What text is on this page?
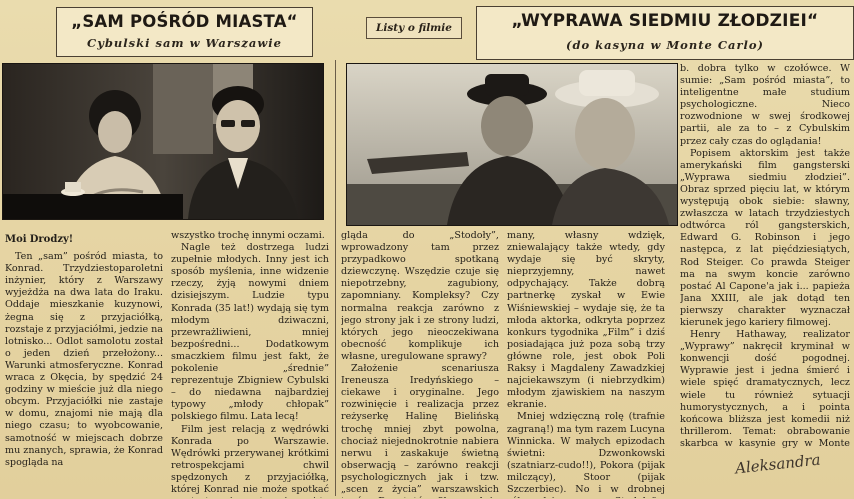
„SAM POŚRÓD MIASTA“
Cybulski sam w Warszawie
Listy o filmie	„WYPRAWA SIEDMIU ZŁODZIEI“
(do kasyna w Monte Carlo)

Moi Drodzy!

Ten „sam” pośród miasta, to Konrad. Trzydziestoparoletni inżynier, który z Warszawy wyjeżdża na dwa lata do Iraku. Oddaje mieszkanie kuzynowi, żegna się z przyjaciółką, rozstaje z przyjaciółmi, jedzie na lotnisko... Odlot samolotu został o jeden dzień przełożony... Warunki atmosferyczne. Konrad wraca z Okęcia, by spędzić 24 godziny w mieście już dla niego obcym. Przyjaciółki nie zastaje w domu, znajomi nie mają dla niego czasu; to wyobcowanie, samotność w miejscach dobrze mu znanych, sprawia, że Konrad spogląda na

wszystko trochę innymi oczami.

Nagle też dostrzega ludzi zupełnie młodych. Inny jest ich sposób myślenia, inne widzenie rzeczy, żyją nowymi dniem dzisiejszym. Ludzie typu Konrada (35 lat!) wydają się tym młodym dziwaczni, przewrażliwieni, mniej bezpośredni... Dodatkowym smaczkiem filmu jest fakt, że pokolenie „średnie” reprezentuje Zbigniew Cybulski – do niedawna najbardziej typowy „młody chłopak” polskiego filmu. Lata lecą!

Film jest relacją z wędrówki Konrada po Warszawie. Wędrówki przerywanej krótkimi retrospekcjami chwil spędzonych z przyjaciółką, której Konrad nie może spotkać

gląda do „Stodoły”, wprowadzony tam przez przypadkowo spotkaną dziewczynę. Wszędzie czuje się niepotrzebny, zagubiony, zapomniany. Kompleksy? Czy normalna reakcja zarówno z jego strony jak i ze strony ludzi, których jego nieoczekiwana obecność komplikuje ich własne, uregulowane sprawy?

Założenie scenariusza Ireneusza Iredyńskiego – ciekawe i oryginalne. Jego rozwinięcie i realizacja przez reżyserkę Halinę Bielińską trochę mniej zbyt powolna, chociaż niejednokrotnie nabiera nerwu i zaskakuje świetną obserwacją – zarówno reakcji psychologicznych jak i tzw. „scen z życia” warszawskich

many, własny wdzięk, zniewalający także wtedy, gdy wydaje się być skryty, nieprzyjemny, nawet odpychający. Także dobrą partnerkę zyskał w Ewie Wiśniewskiej – wydaje się, że ta młoda aktorka, odkryta poprzez konkurs tygodnika „Film” i dziś posiadająca już poza sobą trzy główne role, jest obok Poli Raksy i Magdaleny Zawadzkiej najciekawszym (i niebrzydkim) młodym zjawiskiem na naszym ekranie.

Mniej wdzięczną rolę (trafnie zagraną!) ma tym razem Lucyna Winnicka. W małych epizodach świetni: Dzwonkowski (szatniarz-cudo!!), Pokora (pijak milczący), Stoor (pijak Szczerbiec). No i w drobnej

b. dobra tylko w czołówce. W sumie: „Sam pośród miasta”, to inteligentne małe studium psychologiczne. Nieco rozwodnione w swej środkowej partii, ale za to – z Cybulskim przez cały czas do oglądania!

Popisem aktorskim jest także amerykański film gangsterski „Wyprawa siedmiu złodziei”. Obraz sprzed pięciu lat, w którym występują obok siebie: sławny, zwłaszcza w latach trzydziestych odtwórca ról gangsterskich, Edward G. Robinson i jego następca, z lat pięćdziesiątych, Rod Steiger. Co prawda Steiger ma na swym koncie zarówno postać Al Capone'a jak i... papieża Jana XXIII, ale jak dotąd ten pierwszy charakter wyznaczał kierunek jego kariery filmowej.

Henry Hathaway, realizator „Wyprawy” nakręcił kryminał w konwencji dość pogodnej. Wyprawie jest i jedna śmierć i wiele spięć dramatycznych, lecz wiele tu również sytuacji humorystycznych, a i pointa końcowa bliższa jest komedii niż thrillerom. Temat: obrabowanie skarbca w kasynie gry w Monte

Aleksandra
